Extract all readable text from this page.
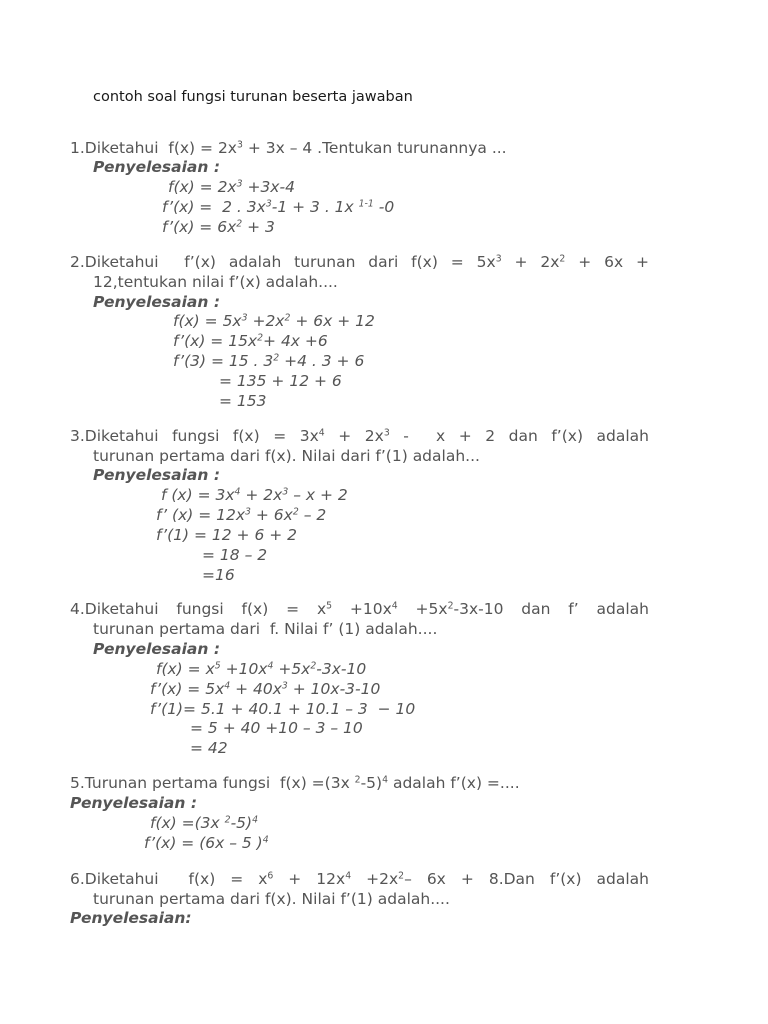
contoh soal fungsi turunan beserta jawaban
1.Diketahui  $f(x) = 2x^3 + 3x - 4$ .Tentukan turunannya ...
Penyelesaian :
$f(x) = 2x^3 +3x-4$
f’(x) =  2 . $3x^3-1 + 3$ . 1x $^{1-1}$ -0
f’(x) = $6x^2 + 3$
2.Diketahui  f’(x) adalah turunan dari $f(x) = 5x^3 + 2x^2 + 6x$ +
12,tentukan nilai f’(x) adalah....
Penyelesaian :
$f(x) = 5x^3 +2x^2 + 6x + 12$
f’(x) = $15x^2+ 4x +6$
f’(3) = 15 . $3^2 +4$ . 3 + 6
= 135 + 12 + 6
= 153
3.Diketahui fungsi $f(x) = 3x^4 + 2x^3 - x + 2$ dan f’(x) adalah
turunan pertama dari f(x). Nilai dari f’(1) adalah...
Penyelesaian :
f $(x) = 3x^4 + 2x^3 - x + 2$
f’ $(x) = 12x^3 + 6x^2 - 2$
f’(1) = 12 + 6 + 2
= 18 – 2
=16
4.Diketahui fungsi $f(x) = x^5 +10x^4 +5x^2-3x-10$ dan f’ adalah
turunan pertama dari  f. Nilai f’ (1) adalah....
Penyelesaian :
$f(x) = x^5 +10x^4 +5x^2-3x-10$
f’(x) = $5x^4 + 40x^3 + 10x-3-10$
f’(1)= 5.1 + 40.1 + 10.1 – 3  − 10
= 5 + 40 +10 – 3 – 10
= 42
5.Turunan pertama fungsi  f(x) =(3x $^2$-5)$^4$ adalah f’(x) =....
Penyelesaian :
f(x) =(3x $^2$-5)$^4$
f’(x) = (6x – 5 )$^4$
6.Diketahui  $f(x) = x^6 + 12x^4 +2x^2-$ 6x + 8.Dan f’(x) adalah
turunan pertama dari f(x). Nilai f’(1) adalah....
Penyelesaian:
